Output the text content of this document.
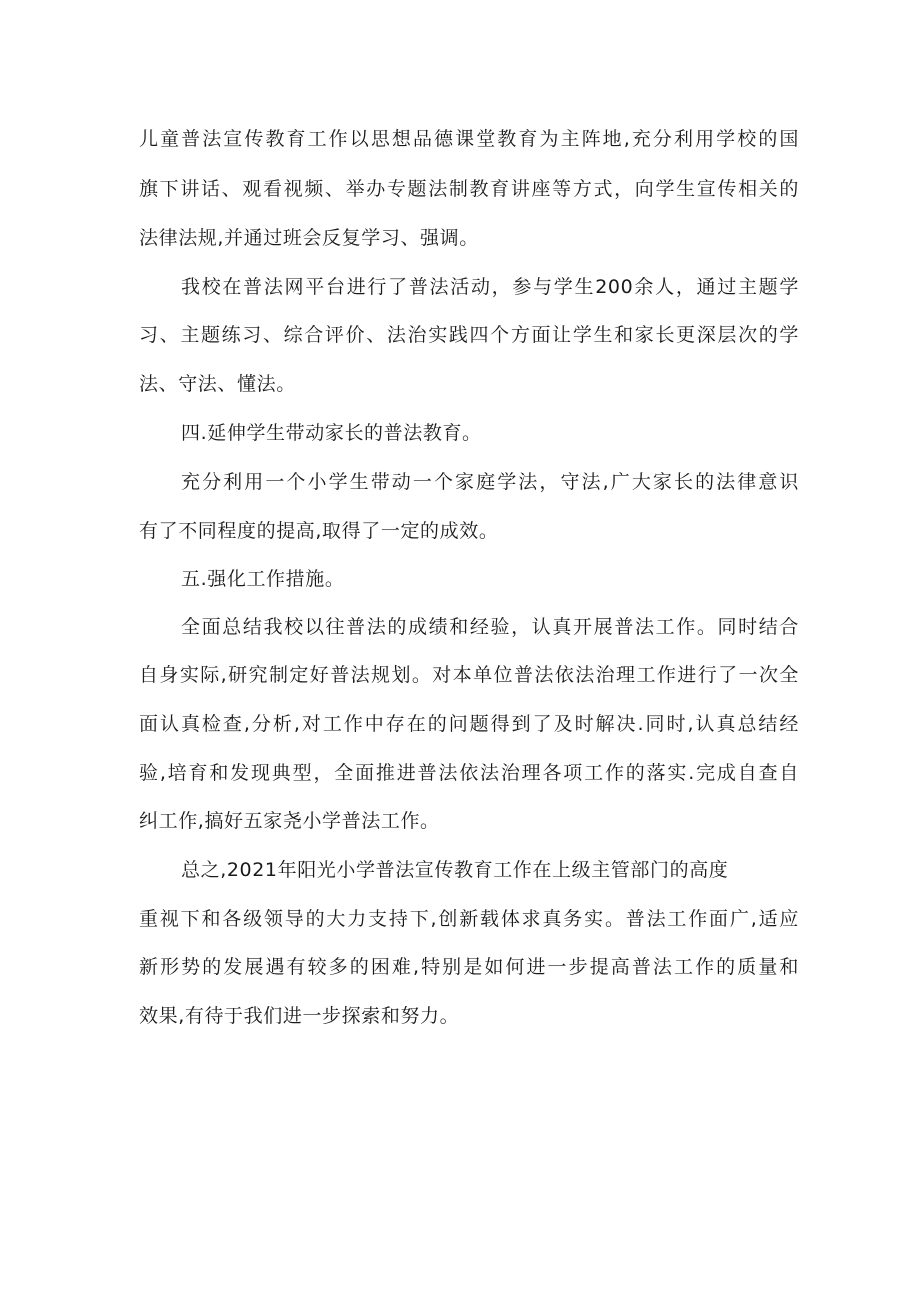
儿童普法宣传教育工作以思想品德课堂教育为主阵地,充分利用学校的国
旗下讲话、观看视频、举办专题法制教育讲座等方式，向学生宣传相关的
法律法规,并通过班会反复学习、强调。
我校在普法网平台进行了普法活动，参与学生200余人，通过主题学
习、主题练习、综合评价、法治实践四个方面让学生和家长更深层次的学
法、守法、懂法。
四.延伸学生带动家长的普法教育。
充分利用一个小学生带动一个家庭学法，守法,广大家长的法律意识
有了不同程度的提高,取得了一定的成效。
五.强化工作措施。
全面总结我校以往普法的成绩和经验，认真开展普法工作。同时结合
自身实际,研究制定好普法规划。对本单位普法依法治理工作进行了一次全
面认真检查,分析,对工作中存在的问题得到了及时解决.同时,认真总结经
验,培育和发现典型，全面推进普法依法治理各项工作的落实.完成自查自
纠工作,搞好五家尧小学普法工作。
总之,2021年阳光小学普法宣传教育工作在上级主管部门的高度
重视下和各级领导的大力支持下,创新载体求真务实。普法工作面广,适应
新形势的发展遇有较多的困难,特别是如何进一步提高普法工作的质量和
效果,有待于我们进一步探索和努力。
